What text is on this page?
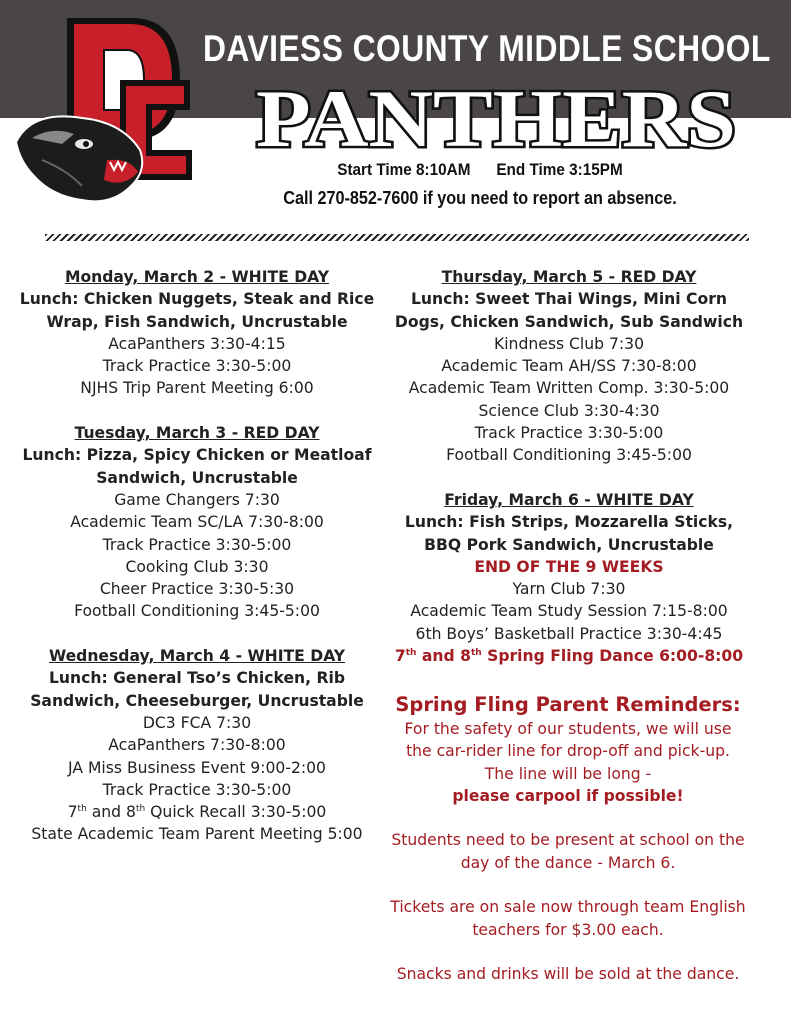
DAVIESS COUNTY MIDDLE SCHOOL
PANTHERS
Start Time 8:10AM End Time 3:15PM
Call 270-852-7600 if you need to report an absence.
Monday, March 2 - WHITE DAY
Lunch: Chicken Nuggets, Steak and Rice Wrap, Fish Sandwich, Uncrustable
AcaPanthers 3:30-4:15
Track Practice 3:30-5:00
NJHS Trip Parent Meeting 6:00
Tuesday, March 3 - RED DAY
Lunch: Pizza, Spicy Chicken or Meatloaf Sandwich, Uncrustable
Game Changers 7:30
Academic Team SC/LA 7:30-8:00
Track Practice 3:30-5:00
Cooking Club 3:30
Cheer Practice 3:30-5:30
Football Conditioning 3:45-5:00
Wednesday, March 4 - WHITE DAY
Lunch: General Tso’s Chicken, Rib Sandwich, Cheeseburger, Uncrustable
DC3 FCA 7:30
AcaPanthers 7:30-8:00
JA Miss Business Event 9:00-2:00
Track Practice 3:30-5:00
7th and 8th Quick Recall 3:30-5:00
State Academic Team Parent Meeting 5:00
Thursday, March 5 - RED DAY
Lunch: Sweet Thai Wings, Mini Corn Dogs, Chicken Sandwich, Sub Sandwich
Kindness Club 7:30
Academic Team AH/SS 7:30-8:00
Academic Team Written Comp. 3:30-5:00
Science Club 3:30-4:30
Track Practice 3:30-5:00
Football Conditioning 3:45-5:00
Friday, March 6 - WHITE DAY
Lunch: Fish Strips, Mozzarella Sticks, BBQ Pork Sandwich, Uncrustable
END OF THE 9 WEEKS
Yarn Club 7:30
Academic Team Study Session 7:15-8:00
6th Boys’ Basketball Practice 3:30-4:45
7th and 8th Spring Fling Dance 6:00-8:00
Spring Fling Parent Reminders:
For the safety of our students, we will use the car-rider line for drop-off and pick-up. The line will be long -
please carpool if possible!
Students need to be present at school on the day of the dance - March 6.
Tickets are on sale now through team English teachers for $3.00 each.
Snacks and drinks will be sold at the dance.
